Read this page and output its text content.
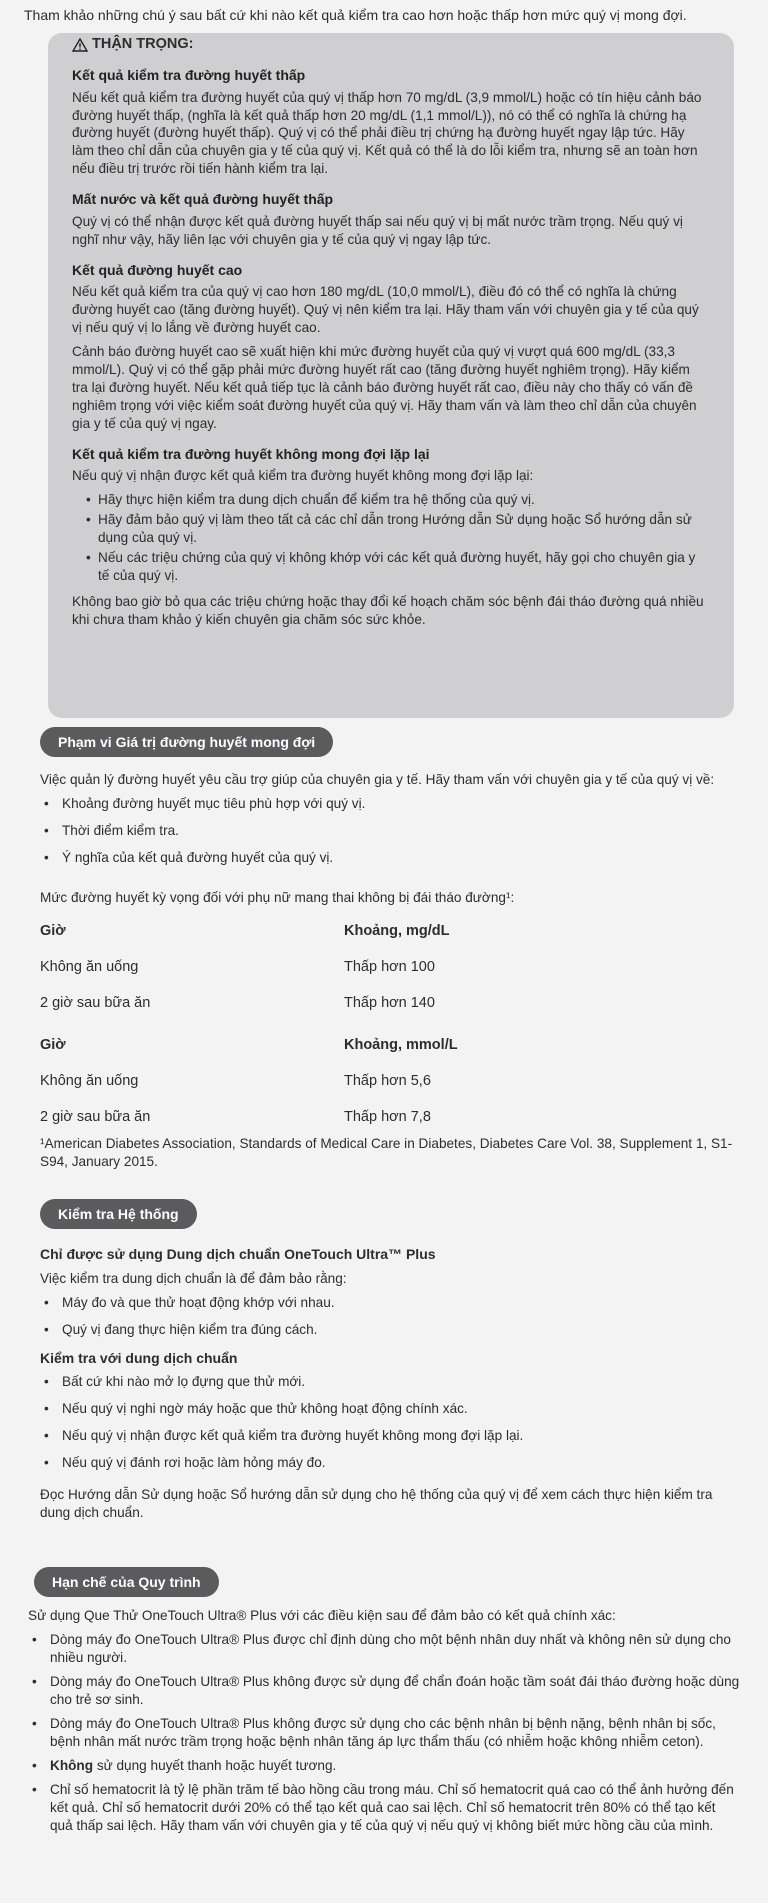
Tham khảo những chú ý sau bất cứ khi nào kết quả kiểm tra cao hơn hoặc thấp hơn mức quý vị mong đợi.
THẬN TRỌNG:
Kết quả kiểm tra đường huyết thấp

Nếu kết quả kiểm tra đường huyết của quý vị thấp hơn 70 mg/dL (3,9 mmol/L) hoặc có tín hiệu cảnh báo đường huyết thấp, (nghĩa là kết quả thấp hơn 20 mg/dL (1,1 mmol/L)), nó có thể có nghĩa là chứng hạ đường huyết (đường huyết thấp). Quý vị có thể phải điều trị chứng hạ đường huyết ngay lập tức. Hãy làm theo chỉ dẫn của chuyên gia y tế của quý vị. Kết quả có thể là do lỗi kiểm tra, nhưng sẽ an toàn hơn nếu điều trị trước rồi tiến hành kiểm tra lại.

Mất nước và kết quả đường huyết thấp

Quý vị có thể nhận được kết quả đường huyết thấp sai nếu quý vị bị mất nước trầm trọng. Nếu quý vị nghĩ như vậy, hãy liên lạc với chuyên gia y tế của quý vị ngay lập tức.

Kết quả đường huyết cao

Nếu kết quả kiểm tra của quý vị cao hơn 180 mg/dL (10,0 mmol/L), điều đó có thể có nghĩa là chứng đường huyết cao (tăng đường huyết). Quý vị nên kiểm tra lại. Hãy tham vấn với chuyên gia y tế của quý vị nếu quý vị lo lắng về đường huyết cao.

Cảnh báo đường huyết cao sẽ xuất hiện khi mức đường huyết của quý vị vượt quá 600 mg/dL (33,3 mmol/L). Quý vị có thể gặp phải mức đường huyết rất cao (tăng đường huyết nghiêm trọng). Hãy kiểm tra lại đường huyết. Nếu kết quả tiếp tục là cảnh báo đường huyết rất cao, điều này cho thấy có vấn đề nghiêm trọng với việc kiểm soát đường huyết của quý vị. Hãy tham vấn và làm theo chỉ dẫn của chuyên gia y tế của quý vị ngay.

Kết quả kiểm tra đường huyết không mong đợi lặp lại

Nếu quý vị nhận được kết quả kiểm tra đường huyết không mong đợi lặp lại:

• Hãy thực hiện kiểm tra dung dịch chuẩn để kiểm tra hệ thống của quý vị.
• Hãy đảm bảo quý vị làm theo tất cả các chỉ dẫn trong Hướng dẫn Sử dụng hoặc Sổ hướng dẫn sử dụng của quý vị.
• Nếu các triệu chứng của quý vị không khớp với các kết quả đường huyết, hãy gọi cho chuyên gia y tế của quý vị.

Không bao giờ bỏ qua các triệu chứng hoặc thay đổi kế hoạch chăm sóc bệnh đái tháo đường quá nhiều khi chưa tham khảo ý kiến chuyên gia chăm sóc sức khỏe.

Phạm vi Giá trị đường huyết mong đợi

Việc quản lý đường huyết yêu cầu trợ giúp của chuyên gia y tế. Hãy tham vấn với chuyên gia y tế của quý vị về:

• Khoảng đường huyết mục tiêu phù hợp với quý vị.
• Thời điểm kiểm tra.
• Ý nghĩa của kết quả đường huyết của quý vị.

Mức đường huyết kỳ vọng đối với phụ nữ mang thai không bị đái tháo đường¹:

Giờ	Khoảng, mg/dL
Không ăn uống	Thấp hơn 100
2 giờ sau bữa ăn	Thấp hơn 140
Giờ	Khoảng, mmol/L
Không ăn uống	Thấp hơn 5,6
2 giờ sau bữa ăn	Thấp hơn 7,8

¹American Diabetes Association, Standards of Medical Care in Diabetes, Diabetes Care Vol. 38, Supplement 1, S1-S94, January 2015.

Kiểm tra Hệ thống
Chỉ được sử dụng Dung dịch chuẩn OneTouch Ultra™ Plus

Việc kiểm tra dung dịch chuẩn là để đảm bảo rằng:

• Máy đo và que thử hoạt động khớp với nhau.
• Quý vị đang thực hiện kiểm tra đúng cách.
Kiểm tra với dung dịch chuẩn
• Bất cứ khi nào mở lọ đựng que thử mới.
• Nếu quý vị nghi ngờ máy hoặc que thử không hoạt động chính xác.
• Nếu quý vị nhận được kết quả kiểm tra đường huyết không mong đợi lặp lại.
• Nếu quý vị đánh rơi hoặc làm hỏng máy đo.

Đọc Hướng dẫn Sử dụng hoặc Sổ hướng dẫn sử dụng cho hệ thống của quý vị để xem cách thực hiện kiểm tra dung dịch chuẩn.

Hạn chế của Quy trình

Sử dụng Que Thử OneTouch Ultra® Plus với các điều kiện sau để đảm bảo có kết quả chính xác:

• Dòng máy đo OneTouch Ultra® Plus được chỉ định dùng cho một bệnh nhân duy nhất và không nên sử dụng cho nhiều người.
• Dòng máy đo OneTouch Ultra® Plus không được sử dụng để chẩn đoán hoặc tầm soát đái tháo đường hoặc dùng cho trẻ sơ sinh.
• Dòng máy đo OneTouch Ultra® Plus không được sử dụng cho các bệnh nhân bị bệnh nặng, bệnh nhân bị sốc, bệnh nhân mất nước trầm trọng hoặc bệnh nhân tăng áp lực thẩm thấu (có nhiễm hoặc không nhiễm ceton).
• Không sử dụng huyết thanh hoặc huyết tương.
• Chỉ số hematocrit là tỷ lệ phần trăm tế bào hồng cầu trong máu. Chỉ số hematocrit quá cao có thể ảnh hưởng đến kết quả. Chỉ số hematocrit dưới 20% có thể tạo kết quả cao sai lệch. Chỉ số hematocrit trên 80% có thể tạo kết quả thấp sai lệch. Hãy tham vấn với chuyên gia y tế của quý vị nếu quý vị không biết mức hồng cầu của mình.
